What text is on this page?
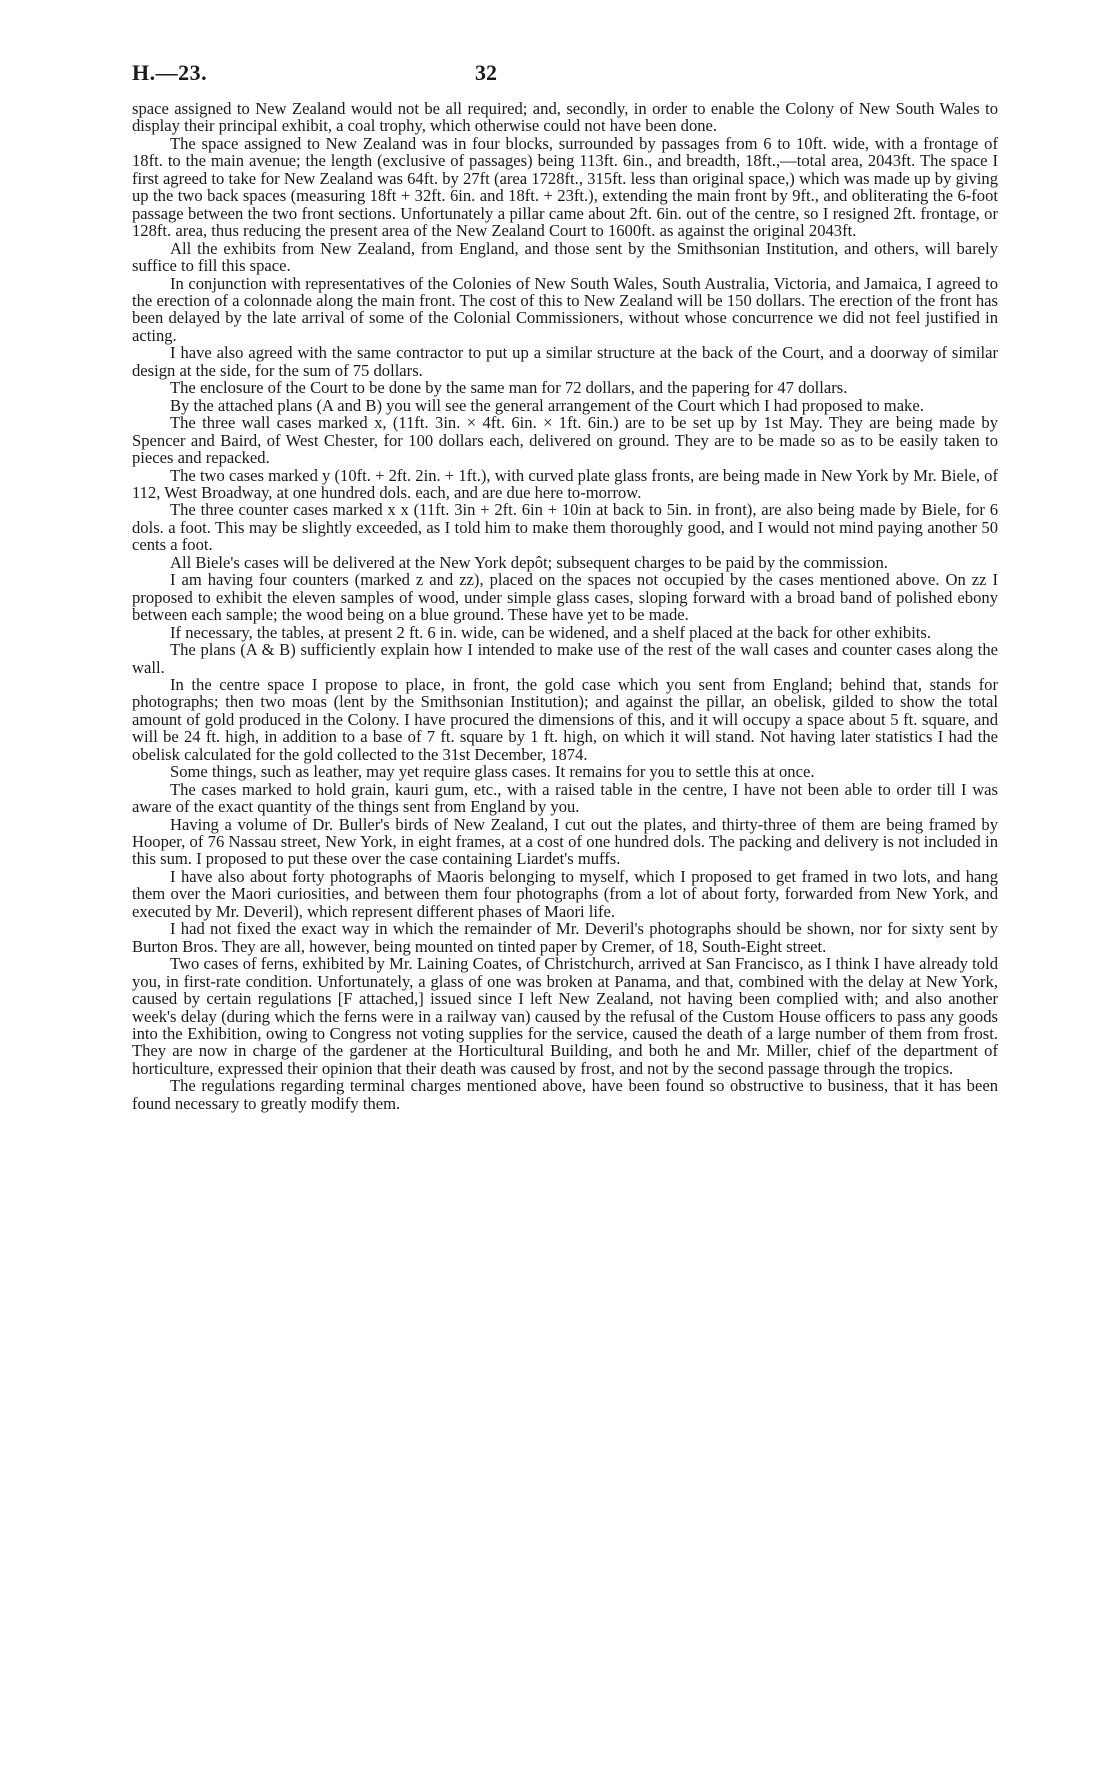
H.—23.	32

space assigned to New Zealand would not be all required; and, secondly, in order to enable the Colony of New South Wales to display their principal exhibit, a coal trophy, which otherwise could not have been done.

The space assigned to New Zealand was in four blocks, surrounded by passages from 6 to 10ft. wide, with a frontage of 18ft. to the main avenue; the length (exclusive of passages) being 113ft. 6in., and breadth, 18ft.,—total area, 2043ft. The space I first agreed to take for New Zealand was 64ft. by 27ft (area 1728ft., 315ft. less than original space,) which was made up by giving up the two back spaces (measuring 18ft + 32ft. 6in. and 18ft. + 23ft.), extending the main front by 9ft., and obliterating the 6-foot passage between the two front sections. Unfortunately a pillar came about 2ft. 6in. out of the centre, so I resigned 2ft. frontage, or 128ft. area, thus reducing the present area of the New Zealand Court to 1600ft. as against the original 2043ft.

All the exhibits from New Zealand, from England, and those sent by the Smithsonian Institution, and others, will barely suffice to fill this space.

In conjunction with representatives of the Colonies of New South Wales, South Australia, Victoria, and Jamaica, I agreed to the erection of a colonnade along the main front. The cost of this to New Zealand will be 150 dollars. The erection of the front has been delayed by the late arrival of some of the Colonial Commissioners, without whose concurrence we did not feel justified in acting.

I have also agreed with the same contractor to put up a similar structure at the back of the Court, and a doorway of similar design at the side, for the sum of 75 dollars.

The enclosure of the Court to be done by the same man for 72 dollars, and the papering for 47 dollars.

By the attached plans (A and B) you will see the general arrangement of the Court which I had proposed to make.

The three wall cases marked x, (11ft. 3in. × 4ft. 6in. × 1ft. 6in.) are to be set up by 1st May. They are being made by Spencer and Baird, of West Chester, for 100 dollars each, delivered on ground. They are to be made so as to be easily taken to pieces and repacked.

The two cases marked y (10ft. + 2ft. 2in. + 1ft.), with curved plate glass fronts, are being made in New York by Mr. Biele, of 112, West Broadway, at one hundred dols. each, and are due here to-morrow.

The three counter cases marked x x (11ft. 3in + 2ft. 6in + 10in at back to 5in. in front), are also being made by Biele, for 6 dols. a foot. This may be slightly exceeded, as I told him to make them thoroughly good, and I would not mind paying another 50 cents a foot.

All Biele's cases will be delivered at the New York depôt; subsequent charges to be paid by the commission.

I am having four counters (marked z and zz), placed on the spaces not occupied by the cases mentioned above. On zz I proposed to exhibit the eleven samples of wood, under simple glass cases, sloping forward with a broad band of polished ebony between each sample; the wood being on a blue ground. These have yet to be made.

If necessary, the tables, at present 2 ft. 6 in. wide, can be widened, and a shelf placed at the back for other exhibits.

The plans (A & B) sufficiently explain how I intended to make use of the rest of the wall cases and counter cases along the wall.

In the centre space I propose to place, in front, the gold case which you sent from England; behind that, stands for photographs; then two moas (lent by the Smithsonian Institution); and against the pillar, an obelisk, gilded to show the total amount of gold produced in the Colony. I have procured the dimensions of this, and it will occupy a space about 5 ft. square, and will be 24 ft. high, in addition to a base of 7 ft. square by 1 ft. high, on which it will stand. Not having later statistics I had the obelisk calculated for the gold collected to the 31st December, 1874.

Some things, such as leather, may yet require glass cases. It remains for you to settle this at once.

The cases marked to hold grain, kauri gum, etc., with a raised table in the centre, I have not been able to order till I was aware of the exact quantity of the things sent from England by you.

Having a volume of Dr. Buller's birds of New Zealand, I cut out the plates, and thirty-three of them are being framed by Hooper, of 76 Nassau street, New York, in eight frames, at a cost of one hundred dols. The packing and delivery is not included in this sum. I proposed to put these over the case containing Liardet's muffs.

I have also about forty photographs of Maoris belonging to myself, which I proposed to get framed in two lots, and hang them over the Maori curiosities, and between them four photographs (from a lot of about forty, forwarded from New York, and executed by Mr. Deveril), which represent different phases of Maori life.

I had not fixed the exact way in which the remainder of Mr. Deveril's photographs should be shown, nor for sixty sent by Burton Bros. They are all, however, being mounted on tinted paper by Cremer, of 18, South-Eight street.

Two cases of ferns, exhibited by Mr. Laining Coates, of Christchurch, arrived at San Francisco, as I think I have already told you, in first-rate condition. Unfortunately, a glass of one was broken at Panama, and that, combined with the delay at New York, caused by certain regulations [F attached,] issued since I left New Zealand, not having been complied with; and also another week's delay (during which the ferns were in a railway van) caused by the refusal of the Custom House officers to pass any goods into the Exhibition, owing to Congress not voting supplies for the service, caused the death of a large number of them from frost. They are now in charge of the gardener at the Horticultural Building, and both he and Mr. Miller, chief of the department of horticulture, expressed their opinion that their death was caused by frost, and not by the second passage through the tropics.

The regulations regarding terminal charges mentioned above, have been found so obstructive to business, that it has been found necessary to greatly modify them.
